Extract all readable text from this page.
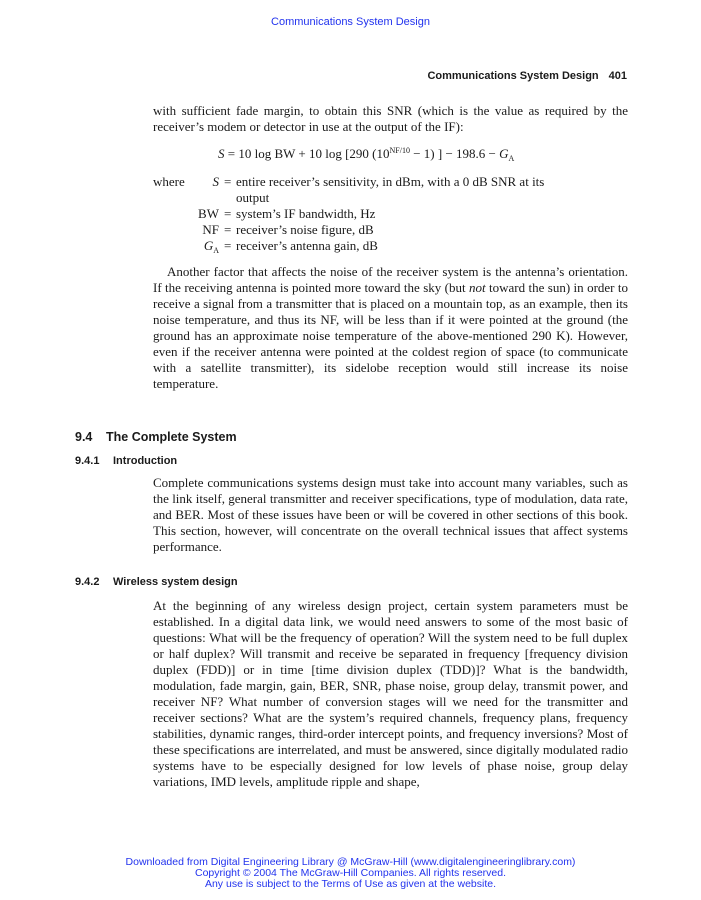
Communications System Design
Communications System Design 401
with sufficient fade margin, to obtain this SNR (which is the value as required by the receiver’s modem or detector in use at the output of the IF):
S = 10 log BW + 10 log [290 $(10^{NF/10} - 1)$ ] − $198.6 - G_A$
where	S = entire receiver’s sensitivity, in dBm, with a 0 dB SNR at its
output
BW = system’s IF bandwidth, Hz
NF = receiver’s noise figure, dB
$G_A$ = receiver’s antenna gain, dB
Another factor that affects the noise of the receiver system is the antenna’s orientation. If the receiving antenna is pointed more toward the sky (but not toward the sun) in order to receive a signal from a transmitter that is placed on a mountain top, as an example, then its noise temperature, and thus its NF, will be less than if it were pointed at the ground (the ground has an approximate noise temperature of the above-mentioned 290 K). However, even if the receiver antenna were pointed at the coldest region of space (to communicate with a satellite transmitter), its sidelobe reception would still increase its noise temperature.
9.4 The Complete System
9.4.1 Introduction
Complete communications systems design must take into account many variables, such as the link itself, general transmitter and receiver specifications, type of modulation, data rate, and BER. Most of these issues have been or will be covered in other sections of this book. This section, however, will concentrate on the overall technical issues that affect systems performance.
9.4.2 Wireless system design
At the beginning of any wireless design project, certain system parameters must be established. In a digital data link, we would need answers to some of the most basic of questions: What will be the frequency of operation? Will the system need to be full duplex or half duplex? Will transmit and receive be separated in frequency [frequency division duplex (FDD)] or in time [time division duplex (TDD)]? What is the bandwidth, modulation, fade margin, gain, BER, SNR, phase noise, group delay, transmit power, and receiver NF? What number of conversion stages will we need for the transmitter and receiver sections? What are the system’s required channels, frequency plans, frequency stabilities, dynamic ranges, third-order intercept points, and frequency inversions? Most of these specifications are interrelated, and must be answered, since digitally modulated radio systems have to be especially designed for low levels of phase noise, group delay variations, IMD levels, amplitude ripple and shape,
Downloaded from Digital Engineering Library @ McGraw-Hill (www.digitalengineeringlibrary.com)
Copyright © 2004 The McGraw-Hill Companies. All rights reserved.
Any use is subject to the Terms of Use as given at the website.
